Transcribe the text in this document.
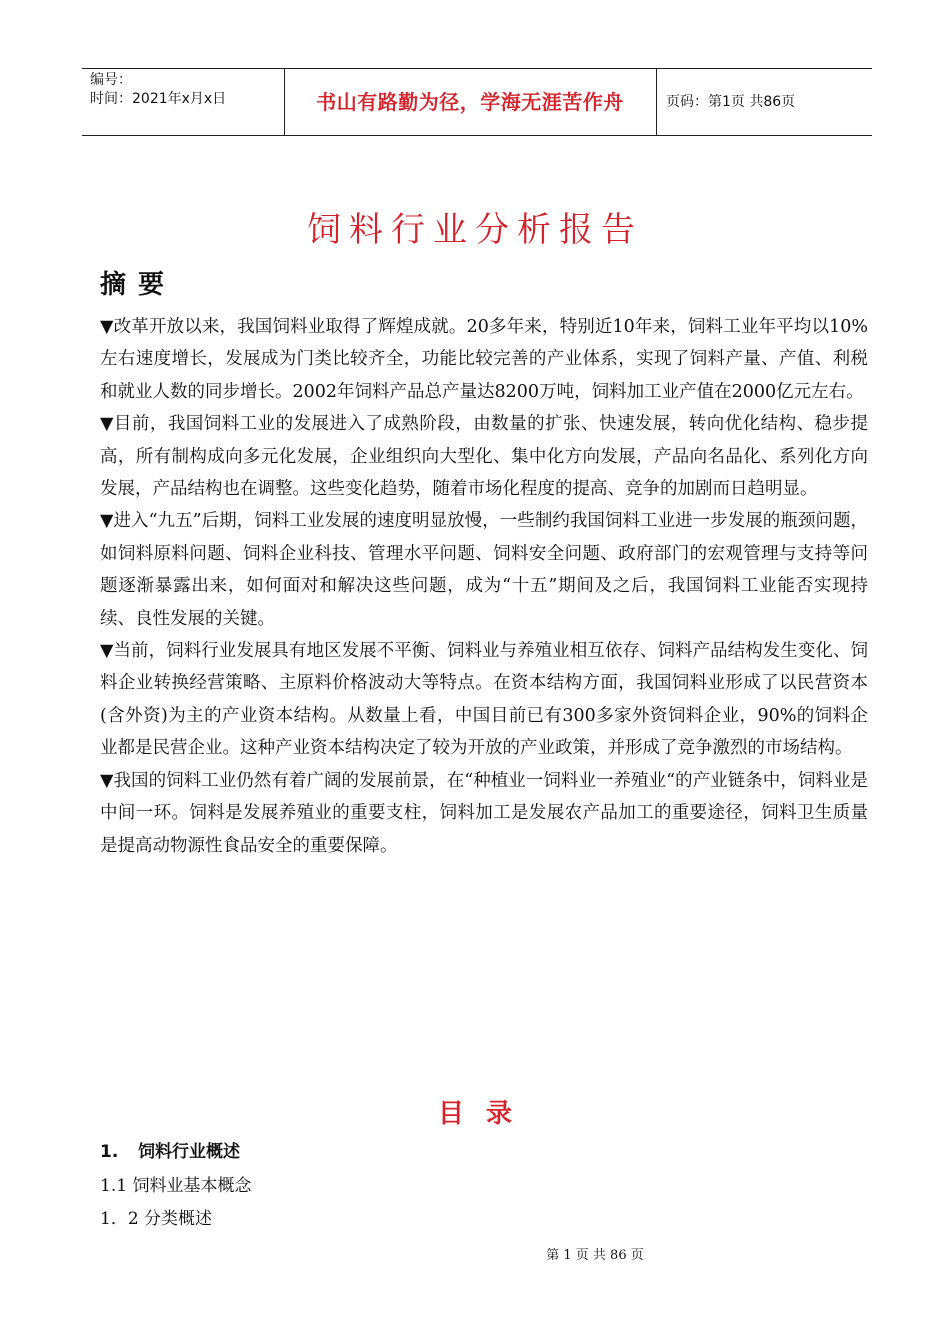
编号：
时间：2021年x月x日	书山有路勤为径，学海无涯苦作舟	页码：第1页 共86页
饲料行业分析报告
摘要

▼改革开放以来，我国饲料业取得了辉煌成就。20多年来，特别近10年来，饲料工业年平均以10%左右速度增长，发展成为门类比较齐全，功能比较完善的产业体系，实现了饲料产量、产值、利税和就业人数的同步增长。2002年饲料产品总产量达8200万吨，饲料加工业产值在2000亿元左右。

▼目前，我国饲料工业的发展进入了成熟阶段，由数量的扩张、快速发展，转向优化结构、稳步提高，所有制构成向多元化发展，企业组织向大型化、集中化方向发展，产品向名品化、系列化方向发展，产品结构也在调整。这些变化趋势，随着市场化程度的提高、竞争的加剧而日趋明显。

▼进入“九五”后期，饲料工业发展的速度明显放慢，一些制约我国饲料工业进一步发展的瓶颈问题，如饲料原料问题、饲料企业科技、管理水平问题、饲料安全问题、政府部门的宏观管理与支持等问题逐渐暴露出来，如何面对和解决这些问题，成为“十五”期间及之后，我国饲料工业能否实现持续、良性发展的关键。

▼当前，饲料行业发展具有地区发展不平衡、饲料业与养殖业相互依存、饲料产品结构发生变化、饲料企业转换经营策略、主原料价格波动大等特点。在资本结构方面，我国饲料业形成了以民营资本(含外资)为主的产业资本结构。从数量上看，中国目前已有300多家外资饲料企业，90%的饲料企业都是民营企业。这种产业资本结构决定了较为开放的产业政策，并形成了竞争激烈的市场结构。

▼我国的饲料工业仍然有着广阔的发展前景，在“种植业一饲料业一养殖业“的产业链条中，饲料业是中间一环。饲料是发展养殖业的重要支柱，饲料加工是发展农产品加工的重要途径，饲料卫生质量是提高动物源性食品安全的重要保障。

目录
1. 饲料行业概述
1.1 饲料业基本概念
1．2 分类概述
第 1 页 共 86 页
